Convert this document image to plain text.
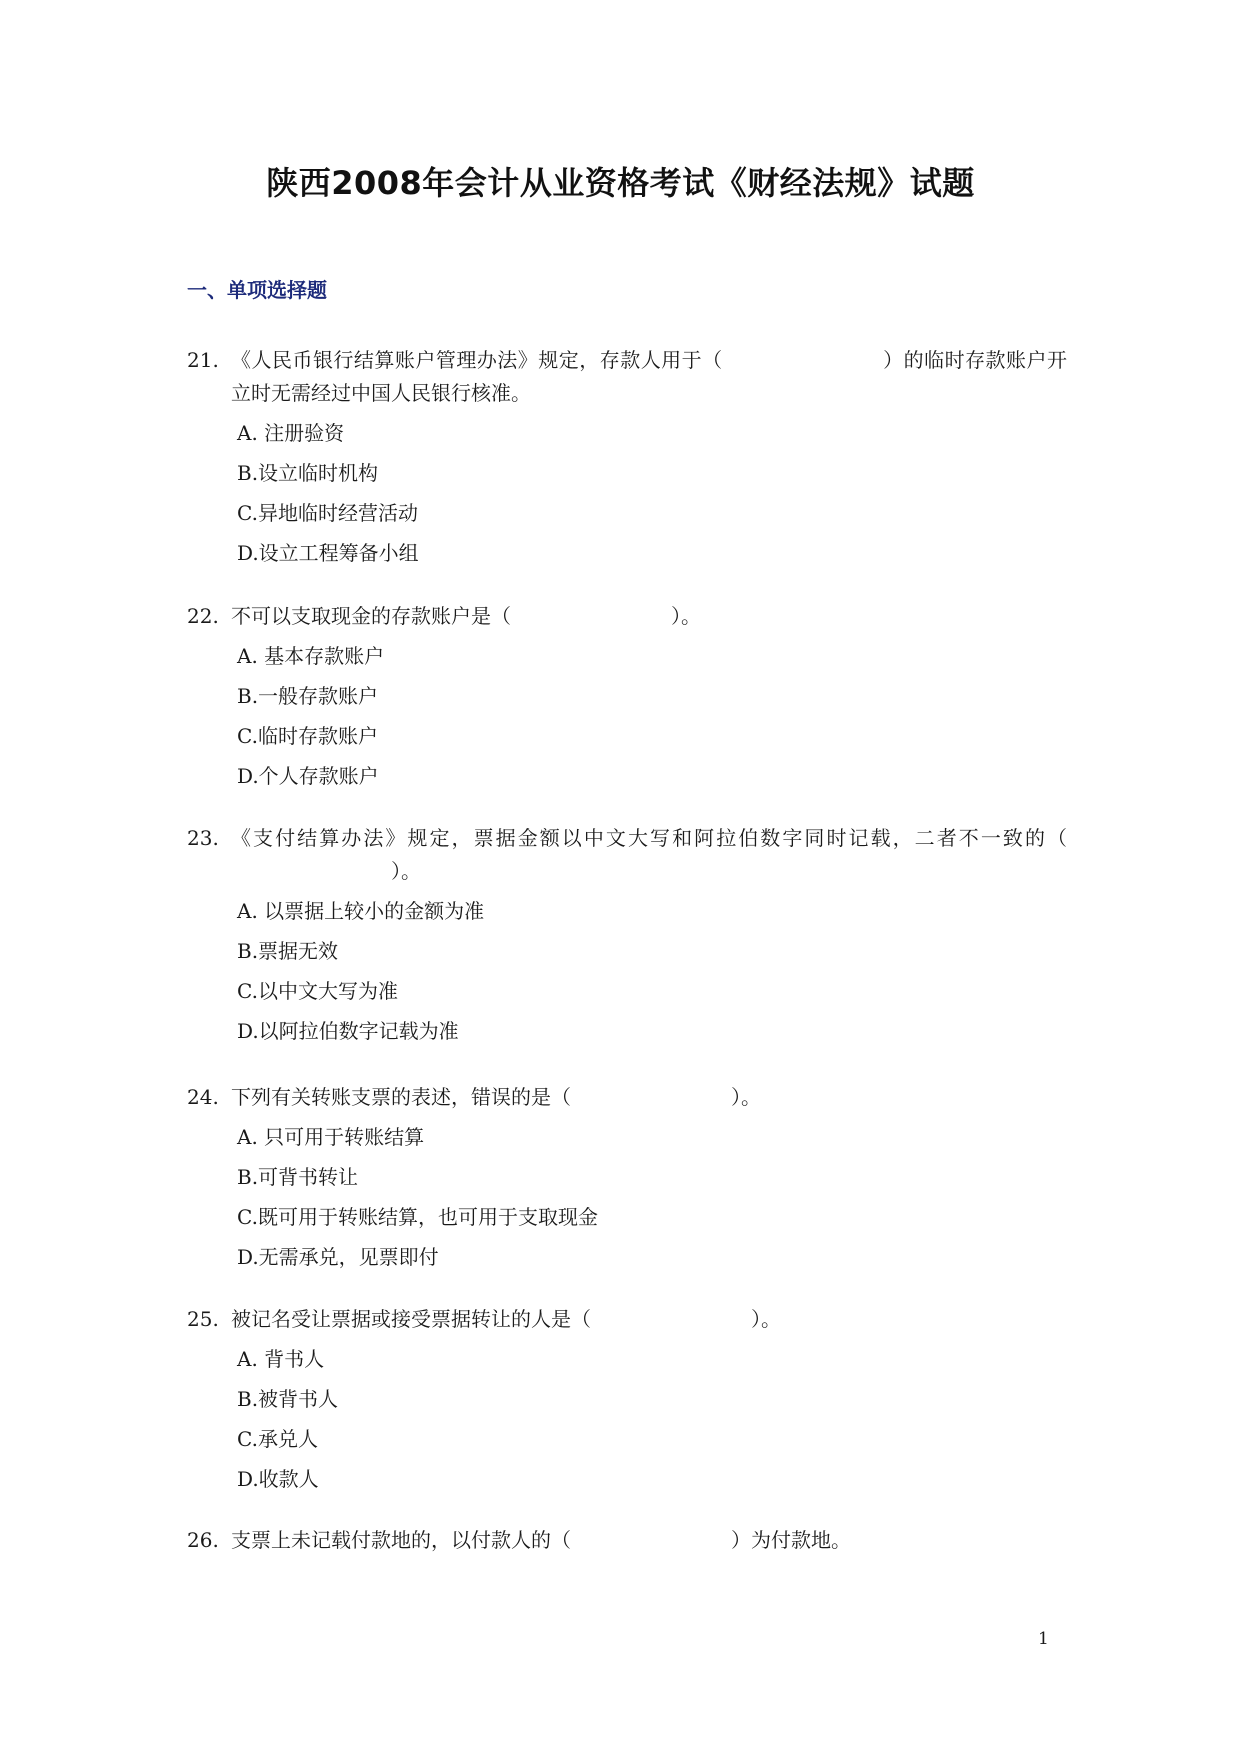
陕西2008年会计从业资格考试《财经法规》试题
一、单项选择题
21. 《人民币银行结算账户管理办法》规定，存款人用于（	）的临时存款账户开立时无需经过中国人民银行核准。
A. 注册验资
B.设立临时机构
C.异地临时经营活动
D.设立工程筹备小组
22. 不可以支取现金的存款账户是（	）。
A. 基本存款账户
B.一般存款账户
C.临时存款账户
D.个人存款账户
23. 《支付结算办法》规定，票据金额以中文大写和阿拉伯数字同时记载，二者不一致的（）。
A. 以票据上较小的金额为准
B.票据无效
C.以中文大写为准
D.以阿拉伯数字记载为准
24. 下列有关转账支票的表述，错误的是（	）。
A. 只可用于转账结算
B.可背书转让
C.既可用于转账结算，也可用于支取现金
D.无需承兑，见票即付
25. 被记名受让票据或接受票据转让的人是（	）。
A. 背书人
B.被背书人
C.承兑人
D.收款人
26. 支票上未记载付款地的，以付款人的（	）为付款地。
1
